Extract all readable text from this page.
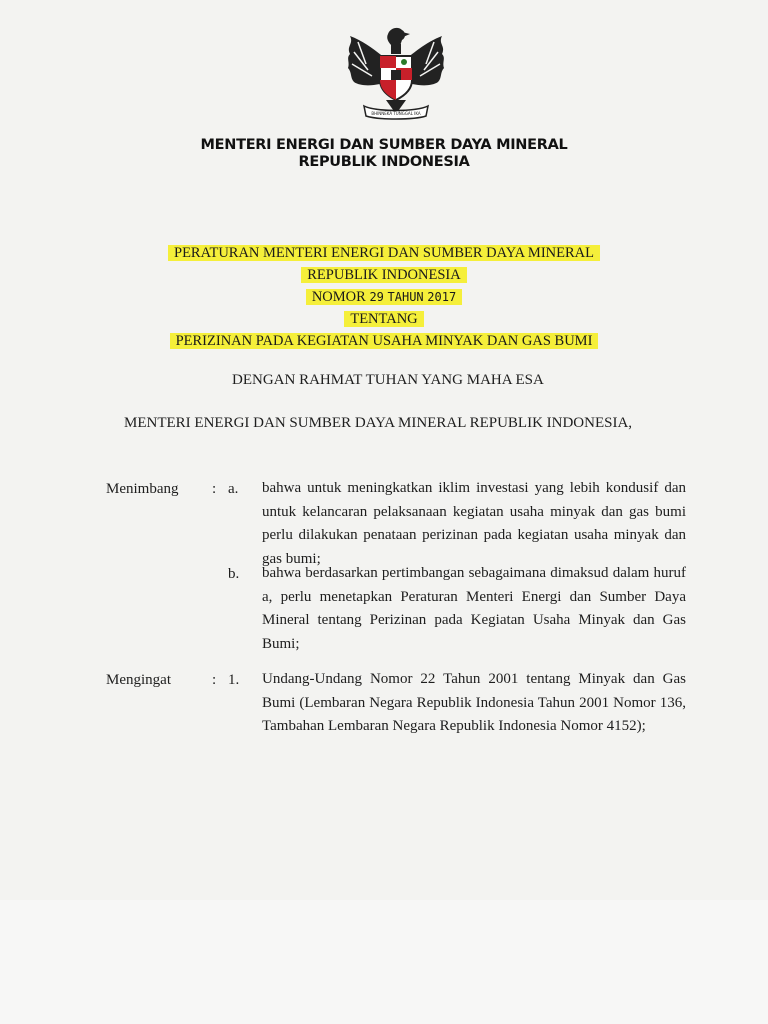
BHINNEKA TUNGGAL IKA
MENTERI ENERGI DAN SUMBER DAYA MINERAL
REPUBLIK INDONESIA
PERATURAN MENTERI ENERGI DAN SUMBER DAYA MINERAL
REPUBLIK INDONESIA
NOMOR 29 TAHUN 2017
TENTANG
PERIZINAN PADA KEGIATAN USAHA MINYAK DAN GAS BUMI
DENGAN RAHMAT TUHAN YANG MAHA ESA
MENTERI ENERGI DAN SUMBER DAYA MINERAL REPUBLIK INDONESIA,
Menimbang : a. bahwa untuk meningkatkan iklim investasi yang lebih kondusif dan untuk kelancaran pelaksanaan kegiatan usaha minyak dan gas bumi perlu dilakukan penataan perizinan pada kegiatan usaha minyak dan gas bumi;
b. bahwa berdasarkan pertimbangan sebagaimana dimaksud dalam huruf a, perlu menetapkan Peraturan Menteri Energi dan Sumber Daya Mineral tentang Perizinan pada Kegiatan Usaha Minyak dan Gas Bumi;
Mengingat	: 1. Undang-Undang Nomor 22 Tahun 2001 tentang Minyak dan Gas Bumi (Lembaran Negara Republik Indonesia Tahun 2001 Nomor 136, Tambahan Lembaran Negara Republik Indonesia Nomor 4152);
